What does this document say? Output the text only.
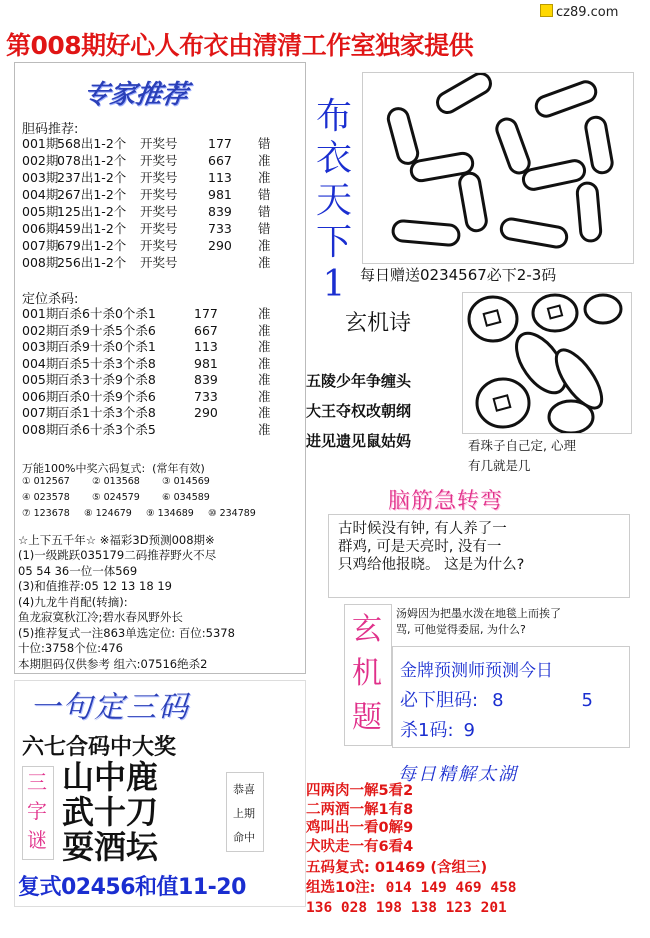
cz89.com
第008期好心人布衣由清清工作室独家提供
专家推荐
胆码推荐:
001期
568出1-2个 开奖号 177 错
002期
078出1-2个 开奖号 667 准
003期
237出1-2个 开奖号 113 准
004期
267出1-2个 开奖号 981 错
005期
125出1-2个 开奖号 839 错
006期
459出1-2个 开奖号 733 错
007期
679出1-2个 开奖号 290 准
008期
256出1-2个 开奖号	准
定位杀码:
001期
百杀6十杀0个杀1	177	准
002期
百杀9十杀5个杀6	667	准
003期
百杀9十杀0个杀1	113	准
004期
百杀5十杀3个杀8	981	准
005期
百杀3十杀9个杀8	839	准
006期
百杀0十杀9个杀6	733	准
007期
百杀1十杀3个杀8	290	准
008期
百杀6十杀3个杀5	准
万能100%中奖六码复式: (常年有效)
① 012567 ② 013568 ③ 014569
④ 023578 ⑤ 024579 ⑥ 034589
⑦ 123678 ⑧ 124679 ⑨ 134689 ⑩ 234789
☆上下五千年☆ ※福彩3D预测008期※
(1)一级跳跃035179二码推荐野火不尽
05 54 36一位一体569
(3)和值推荐:05 12 13 18 19
(4)九龙牛肖配(转摘):
鱼龙寂寞秋江冷;碧水春风野外长
(5)推荐复式一注863单选定位: 百位:5378
十位:3758个位:476
本期胆码仅供参考 组六:07516绝杀2
一句定三码
六七合码中大奖
三
字
谜
山中鹿
武十刀
耍酒坛
恭喜
上期
命中
复式02456和值11-20
布
衣
天
下
1 每日赠送0234567必下2-3码
玄机诗
五陵少年争缠头
大王夺权改朝纲
进见遗见鼠姑妈	看珠子自己定, 心理
有几就是几
脑筋急转弯
古时候没有钟, 有人养了一
群鸡, 可是天亮时, 没有一
只鸡给他报晓。 这是为什么?
玄
机
题
汤姆因为把墨水泼在地毯上而挨了
骂, 可他觉得委屈, 为什么?
金牌预测师预测今日
必下胆码: 8	5
杀1码: 9
每日精解太湖
四两肉一解5看2
二两酒一解1有8
鸡叫出一看0解9
犬吠走一有6看4
五码复式: 01469 (含组三)
组选10注: 014 149 469 458
136 028 198 138 123 201
